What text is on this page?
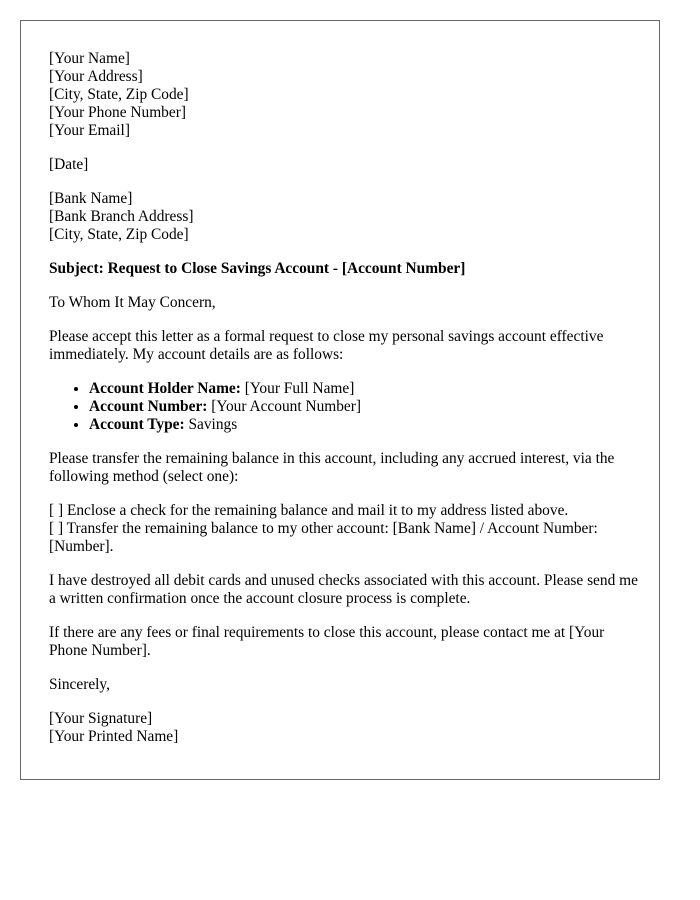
[Your Name]
[Your Address]
[City, State, Zip Code]
[Your Phone Number]
[Your Email]
[Date]
[Bank Name]
[Bank Branch Address]
[City, State, Zip Code]

Subject: Request to Close Savings Account - [Account Number]

To Whom It May Concern,

Please accept this letter as a formal request to close my personal savings account effective immediately. My account details are as follows:

• Account Holder Name: [Your Full Name]
• Account Number: [Your Account Number]
• Account Type: Savings

Please transfer the remaining balance in this account, including any accrued interest, via the following method (select one):

[ ] Enclose a check for the remaining balance and mail it to my address listed above.
[ ] Transfer the remaining balance to my other account: [Bank Name] / Account Number: [Number].

I have destroyed all debit cards and unused checks associated with this account. Please send me a written confirmation once the account closure process is complete.

If there are any fees or final requirements to close this account, please contact me at [Your Phone Number].

Sincerely,

[Your Signature]
[Your Printed Name]
